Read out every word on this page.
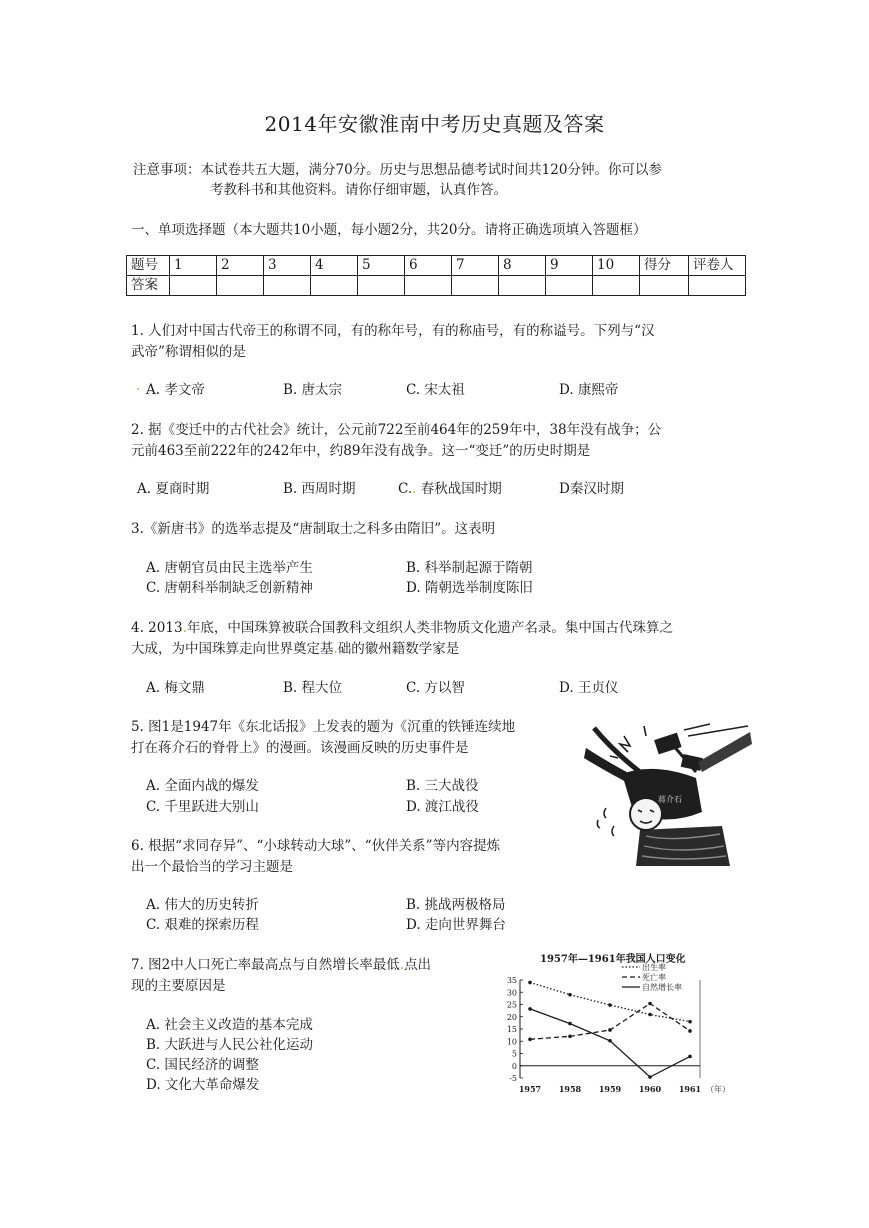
2014年安徽淮南中考历史真题及答案
注意事项：本试卷共五大题，满分70分。历史与思想品德考试时间共120分钟。你可以参
考教科书和其他资料。请你仔细审题，认真作答。
一、单项选择题（本大题共10小题，每小题2分，共20分。请将正确选项填入答题框）
题号	1	2	3	4	5	6	7	8	9	10	得分	评卷人
答案												
1. 人们对中国古代帝王的称谓不同，有的称年号，有的称庙号，有的称谥号。下列与“汉
武帝”称谓相似的是
. A. 孝文帝	B. 唐太宗	C. 宋太祖	D. 康熙帝
2. 据《变迁中的古代社会》统计，公元前722至前464年的259年中，38年没有战争；公
元前463至前222年的242年中，约89年没有战争。这一“变迁”的历史时期是
A. 夏商时期	B. 西周时期	C.. 春秋战国时期	D秦汉时期
3.《新唐书》的选举志提及“唐制取士之科多由隋旧”。这表明
A. 唐朝官员由民主选举产生	B. 科举制起源于隋朝
C. 唐朝科举制缺乏创新精神	D. 隋朝选举制度陈旧
4. 2013.年底，中国珠算被联合国教科文组织人类非物质文化遗产名录。集中国古代珠算之
大成，为中国珠算走向世界奠定基.础的徽州籍数学家是
A. 梅文鼎	B. 程大位	C. 方以智	D. 王贞仪
5. 图1是1947年《东北话报》上发表的题为《沉重的铁锤连续地
打在蒋介石的脊骨上》的漫画。该漫画反映的历史事件是
A. 全面内战的爆发	B. 三大战役
C. 千里跃进大别山	D. 渡江战役	蒋介石
6. 根据“求同存异”、“小球转动大球”、“伙伴关系”等内容提炼
出一个最恰当的学习主题是
A. 伟大的历史转折	B. 挑战两极格局
C. 艰难的探索历程	D. 走向世界舞台
7. 图2中人口死亡率最高点与自然增长率最低.点出
现的主要原因是
A. 社会主义改造的基本完成
B. 大跃进与人民公社化运动
C. 国民经济的调整
D. 文化大革命爆发
1957年—1961年我国人口变化
出生率
死亡率
自然增长率
35
30
25
20
15
10
5
0
-5
1957 1958 1959 1960 1961 （年）
